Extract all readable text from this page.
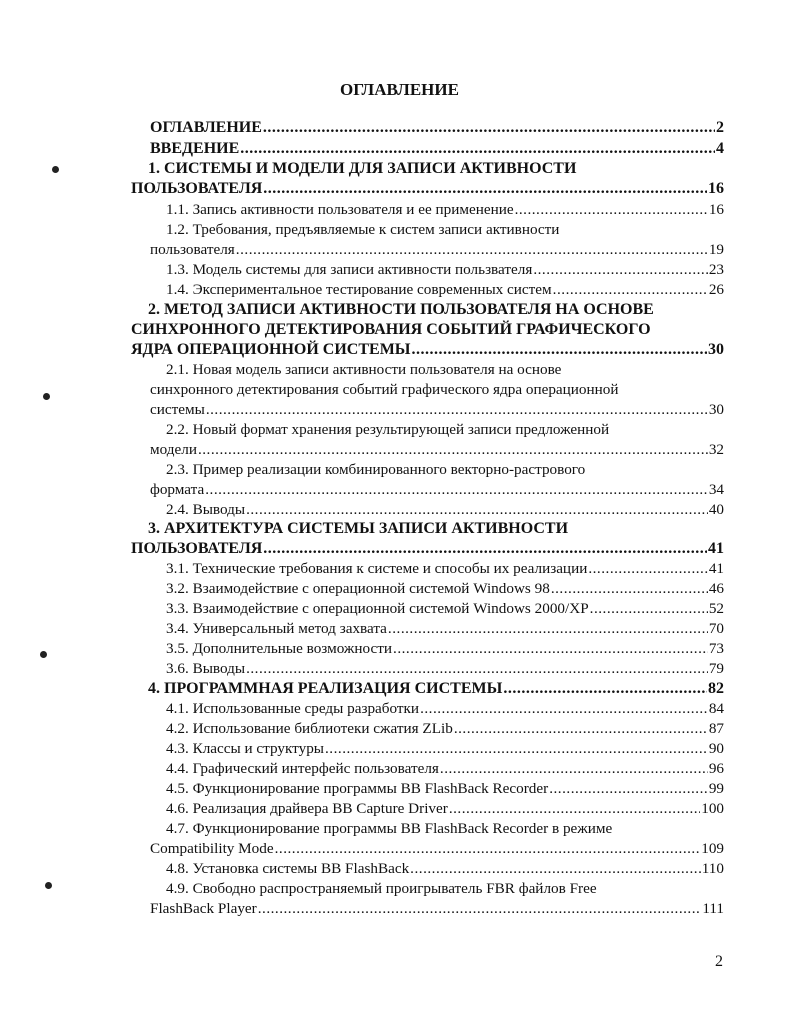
ОГЛАВЛЕНИЕ
ОГЛАВЛЕНИЕ .....	2
ВВЕДЕНИЕ .....	4
1. СИСТЕМЫ И МОДЕЛИ ДЛЯ ЗАПИСИ АКТИВНОСТИ
ПОЛЬЗОВАТЕЛЯ .....	16
1.1. Запись активности пользователя и ее применение .....	16
1.2. Требования, предъявляемые к систем записи активности
пользователя .....	19
1.3. Модель системы для записи активности пользвателя .....	23
1.4. Экспериментальное тестирование современных систем .....	26
2. МЕТОД ЗАПИСИ АКТИВНОСТИ ПОЛЬЗОВАТЕЛЯ НА ОСНОВЕ
СИНХРОННОГО ДЕТЕКТИРОВАНИЯ СОБЫТИЙ ГРАФИЧЕСКОГО
ЯДРА ОПЕРАЦИОННОЙ СИСТЕМЫ .....	30
2.1. Новая модель записи активности пользователя на основе
синхронного детектирования событий графического ядра операционной
системы .....	30
2.2. Новый формат хранения результирующей записи предложенной
модели .....	32
2.3. Пример реализации комбинированного векторно-растрового
формата .....	34
2.4. Выводы .....	40
3. АРХИТЕКТУРА СИСТЕМЫ ЗАПИСИ АКТИВНОСТИ
ПОЛЬЗОВАТЕЛЯ .....	41
3.1. Технические требования к системе и способы их реализации .....	41
3.2. Взаимодействие с операционной системой Windows 98 .....	46
3.3. Взаимодействие с операционной системой Windows 2000/XP .....	52
3.4. Универсальный метод захвата .....	70
3.5. Дополнительные возможности .....	73
3.6. Выводы .....	79
4. ПРОГРАММНАЯ РЕАЛИЗАЦИЯ СИСТЕМЫ .....	82
4.1. Использованные среды разработки .....	84
4.2. Использование библиотеки сжатия ZLib .....	87
4.3. Классы и структуры .....	90
4.4. Графический интерфейс пользователя .....	96
4.5. Функционирование программы BB FlashBack Recorder .....	99
4.6. Реализация драйвера BB Capture Driver .....	100
4.7. Функционирование программы BB FlashBack Recorder в режиме
Compatibility Mode .....	109
4.8. Установка системы BB FlashBack .....	110
4.9. Свободно распространяемый проигрыватель FBR файлов Free
FlashBack Player .....	111
2
